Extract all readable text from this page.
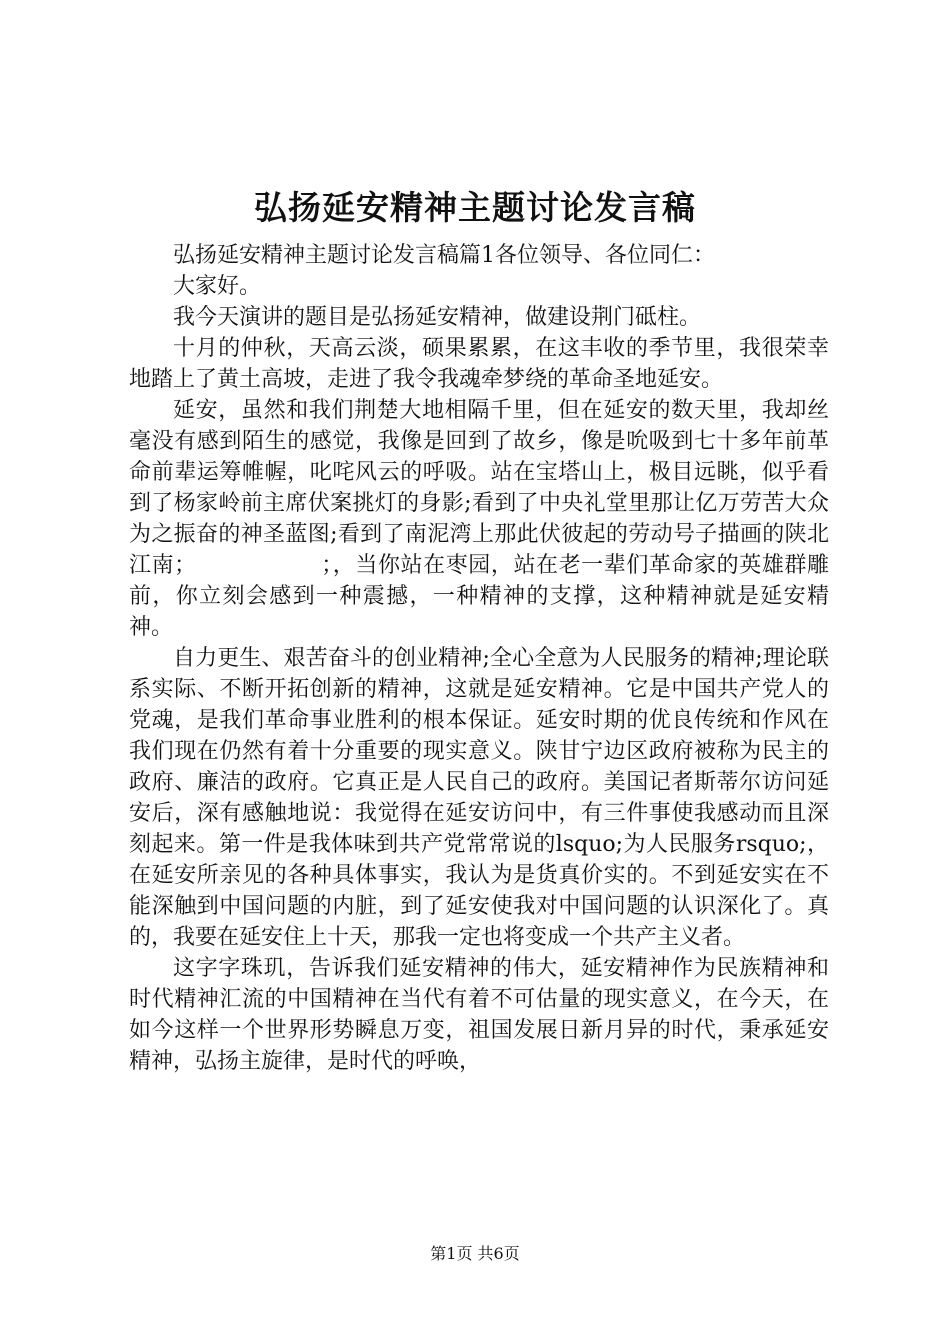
弘扬延安精神主题讨论发言稿

弘扬延安精神主题讨论发言稿篇1各位领导、各位同仁：

大家好。

我今天演讲的题目是弘扬延安精神，做建设荆门砥柱。

十月的仲秋，天高云淡，硕果累累，在这丰收的季节里，我很荣幸地踏上了黄土高坡，走进了我令我魂牵梦绕的革命圣地延安。

延安，虽然和我们荆楚大地相隔千里，但在延安的数天里，我却丝毫没有感到陌生的感觉，我像是回到了故乡，像是吮吸到七十多年前革命前辈运筹帷幄，叱咤风云的呼吸。站在宝塔山上，极目远眺，似乎看到了杨家岭前主席伏案挑灯的身影;看到了中央礼堂里那让亿万劳苦大众为之振奋的神圣蓝图;看到了南泥湾上那此伏彼起的劳动号子描画的陕北江南；　　　　　　；，当你站在枣园，站在老一辈们革命家的英雄群雕前，你立刻会感到一种震撼，一种精神的支撑，这种精神就是延安精神。

自力更生、艰苦奋斗的创业精神;全心全意为人民服务的精神;理论联系实际、不断开拓创新的精神，这就是延安精神。它是中国共产党人的党魂，是我们革命事业胜利的根本保证。延安时期的优良传统和作风在我们现在仍然有着十分重要的现实意义。陕甘宁边区政府被称为民主的政府、廉洁的政府。它真正是人民自己的政府。美国记者斯蒂尔访问延安后，深有感触地说：我觉得在延安访问中，有三件事使我感动而且深刻起来。第一件是我体味到共产党常常说的lsquo;为人民服务rsquo;，在延安所亲见的各种具体事实，我认为是货真价实的。不到延安实在不能深触到中国问题的内脏，到了延安使我对中国问题的认识深化了。真的，我要在延安住上十天，那我一定也将变成一个共产主义者。

这字字珠玑，告诉我们延安精神的伟大，延安精神作为民族精神和时代精神汇流的中国精神在当代有着不可估量的现实意义，在今天，在如今这样一个世界形势瞬息万变，祖国发展日新月异的时代，秉承延安精神，弘扬主旋律，是时代的呼唤，

第1页 共6页
